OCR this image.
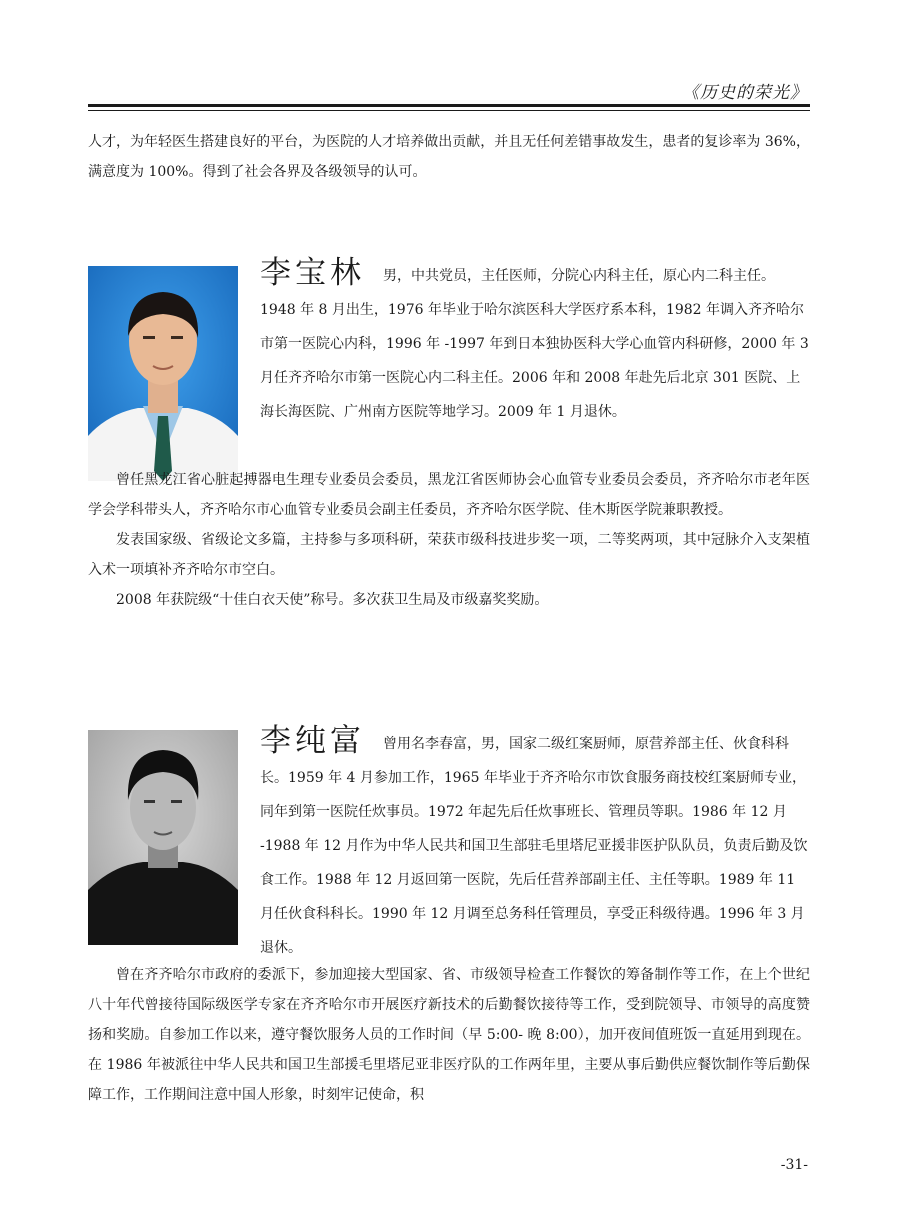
《历史的荣光》

人才，为年轻医生搭建良好的平台，为医院的人才培养做出贡献，并且无任何差错事故发生，患者的复诊率为 36%，满意度为 100%。得到了社会各界及各级领导的认可。

李宝林 男，中共党员，主任医师，分院心内科主任，原心内二科主任。1948 年 8 月出生，1976 年毕业于哈尔滨医科大学医疗系本科，1982 年调入齐齐哈尔市第一医院心内科，1996 年 -1997 年到日本独协医科大学心血管内科研修，2000 年 3 月任齐齐哈尔市第一医院心内二科主任。2006 年和 2008 年赴先后北京 301 医院、上海长海医院、广州南方医院等地学习。2009 年 1 月退休。

曾任黑龙江省心脏起搏器电生理专业委员会委员，黑龙江省医师协会心血管专业委员会委员，齐齐哈尔市老年医学会学科带头人，齐齐哈尔市心血管专业委员会副主任委员，齐齐哈尔医学院、佳木斯医学院兼职教授。

发表国家级、省级论文多篇，主持参与多项科研，荣获市级科技进步奖一项，二等奖两项，其中冠脉介入支架植入术一项填补齐齐哈尔市空白。

2008 年获院级“十佳白衣天使”称号。多次获卫生局及市级嘉奖奖励。

李纯富 曾用名李春富，男，国家二级红案厨师，原营养部主任、伙食科科长。1959 年 4 月参加工作，1965 年毕业于齐齐哈尔市饮食服务商技校红案厨师专业，同年到第一医院任炊事员。1972 年起先后任炊事班长、管理员等职。1986 年 12 月 -1988 年 12 月作为中华人民共和国卫生部驻毛里塔尼亚援非医护队队员，负责后勤及饮食工作。1988 年 12 月返回第一医院，先后任营养部副主任、主任等职。1989 年 11 月任伙食科科长。1990 年 12 月调至总务科任管理员，享受正科级待遇。1996 年 3 月退休。

曾在齐齐哈尔市政府的委派下，参加迎接大型国家、省、市级领导检查工作餐饮的筹备制作等工作，在上个世纪八十年代曾接待国际级医学专家在齐齐哈尔市开展医疗新技术的后勤餐饮接待等工作，受到院领导、市领导的高度赞扬和奖励。自参加工作以来，遵守餐饮服务人员的工作时间（早 5:00- 晚 8:00），加开夜间值班饭一直延用到现在。在 1986 年被派往中华人民共和国卫生部援毛里塔尼亚非医疗队的工作两年里，主要从事后勤供应餐饮制作等后勤保障工作，工作期间注意中国人形象，时刻牢记使命，积

-31-
